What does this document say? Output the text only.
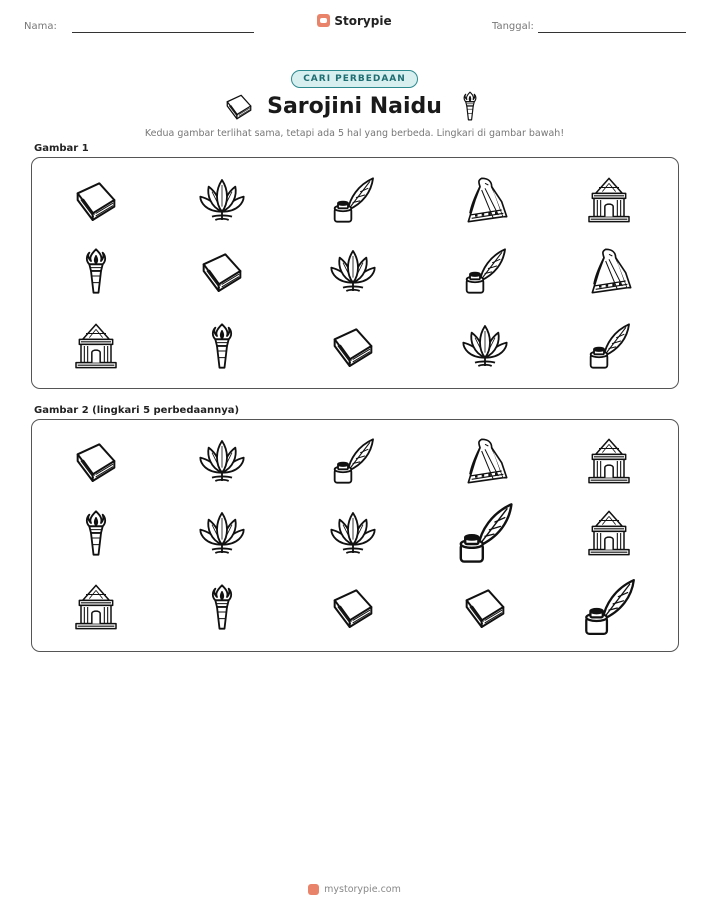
Nama:	Storypie	Tanggal:
CARI PERBEDAAN
Sarojini Naidu
Kedua gambar terlihat sama, tetapi ada 5 hal yang berbeda. Lingkari di gambar bawah!
Gambar 1
Gambar 2 (lingkari 5 perbedaannya)
mystorypie.com
